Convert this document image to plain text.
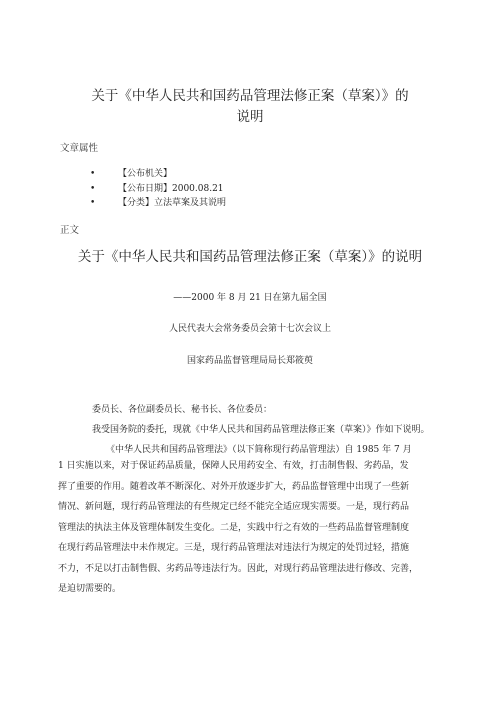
关于《中华人民共和国药品管理法修正案（草案）》的
说明
文章属性
•	【公布机关】
•	【公布日期】2000.08.21
•	【分类】立法草案及其说明
正文
关于《中华人民共和国药品管理法修正案（草案）》的说明
——2000 年 8 月 21 日在第九届全国
人民代表大会常务委员会第十七次会议上
国家药品监督管理局局长郑筱萸
委员长、各位副委员长、秘书长、各位委员：
我受国务院的委托，现就《中华人民共和国药品管理法修正案（草案）》作如下说明。
《中华人民共和国药品管理法》（以下简称现行药品管理法）自 1985 年 7 月
1 日实施以来，对于保证药品质量，保障人民用药安全、有效，打击制售假、劣药品，发
挥了重要的作用。随着改革不断深化、对外开放逐步扩大，药品监督管理中出现了一些新
情况、新问题，现行药品管理法的有些规定已经不能完全适应现实需要。一是，现行药品
管理法的执法主体及管理体制发生变化。二是，实践中行之有效的一些药品监督管理制度
在现行药品管理法中未作规定。三是，现行药品管理法对违法行为规定的处罚过轻，措施
不力，不足以打击制售假、劣药品等违法行为。因此，对现行药品管理法进行修改、完善，
是迫切需要的。
